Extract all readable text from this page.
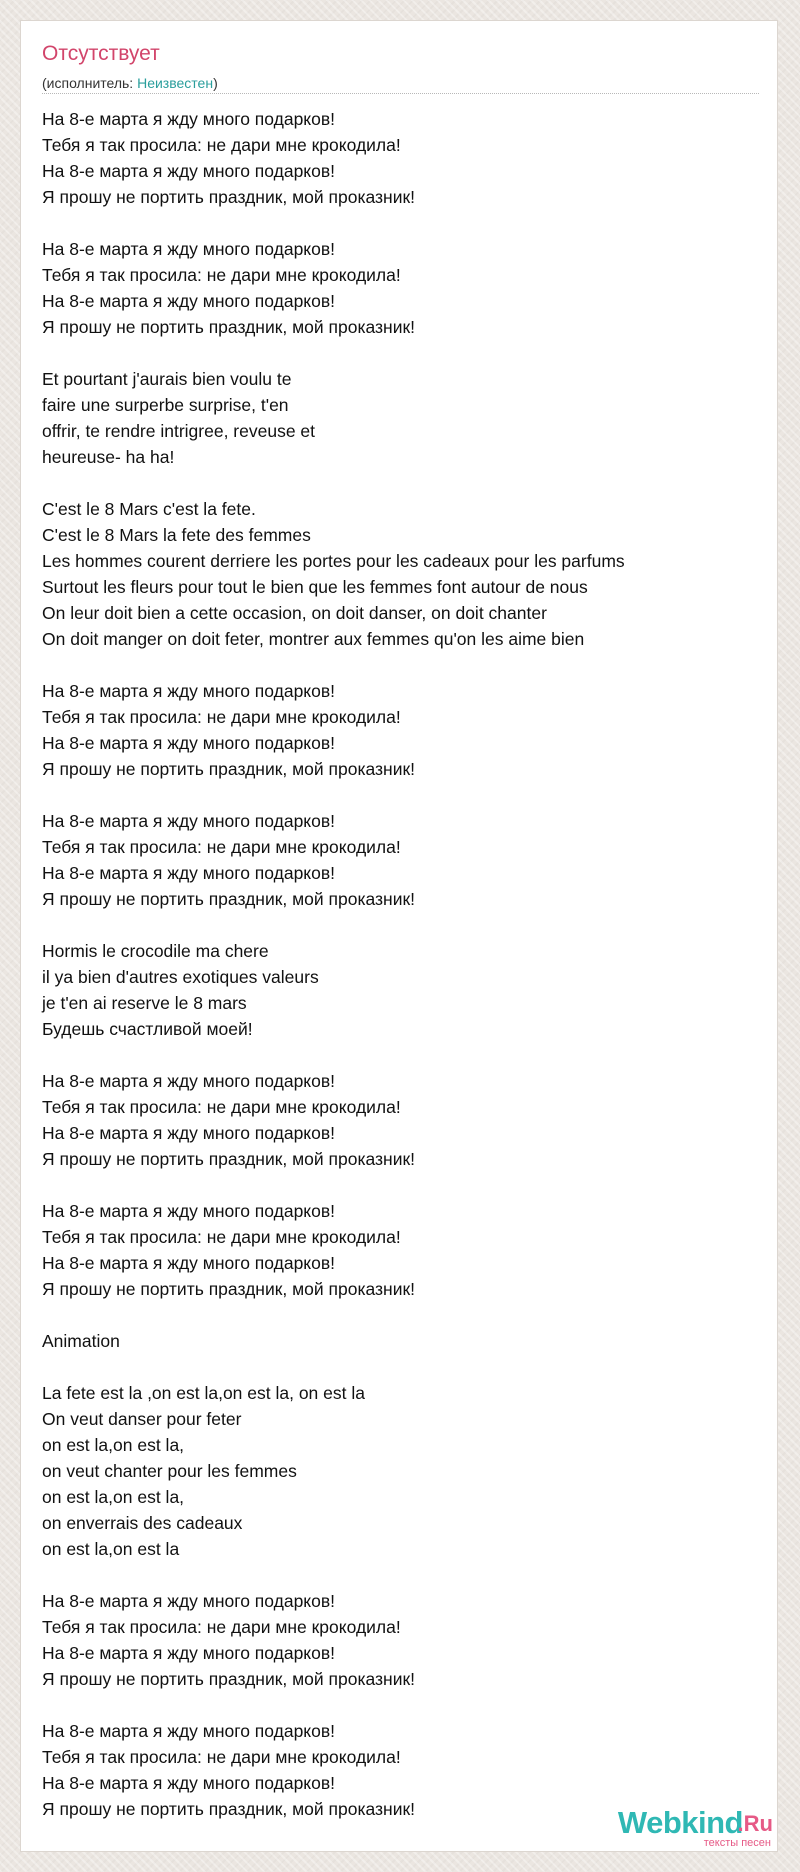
Отсутствует
(исполнитель: Неизвестен)
На 8-е марта я жду много подарков!
Тебя я так просила: не дари мне крокодила!
На 8-е марта я жду много подарков!
Я прошу не портить праздник, мой проказник!
На 8-е марта я жду много подарков!
Тебя я так просила: не дари мне крокодила!
На 8-е марта я жду много подарков!
Я прошу не портить праздник, мой проказник!
Et pourtant j'aurais bien voulu te
faire une surperbe surprise, t'en
offrir, te rendre intrigree, reveuse et
heureuse- ha ha!
C'est le 8 Mars c'est la fete.
C'est le 8 Mars la fete des femmes
Les hommes courent derriere les portes pour les cadeaux pour les parfums
Surtout les fleurs pour tout le bien que les femmes font autour de nous
On leur doit bien a cette occasion, on doit danser, on doit chanter
On doit manger on doit feter, montrer aux femmes qu'on les aime bien
На 8-е марта я жду много подарков!
Тебя я так просила: не дари мне крокодила!
На 8-е марта я жду много подарков!
Я прошу не портить праздник, мой проказник!
На 8-е марта я жду много подарков!
Тебя я так просила: не дари мне крокодила!
На 8-е марта я жду много подарков!
Я прошу не портить праздник, мой проказник!
Hormis le crocodile ma chere
il ya bien d'autres exotiques valeurs
je t'en ai reserve le 8 mars
Будешь счастливой моей!
На 8-е марта я жду много подарков!
Тебя я так просила: не дари мне крокодила!
На 8-е марта я жду много подарков!
Я прошу не портить праздник, мой проказник!
На 8-е марта я жду много подарков!
Тебя я так просила: не дари мне крокодила!
На 8-е марта я жду много подарков!
Я прошу не портить праздник, мой проказник!
Animation
La fete est la ,on est la,on est la, on est la
On veut danser pour feter
on est la,on est la,
on veut chanter pour les femmes
on est la,on est la,
on enverrais des cadeaux
on est la,on est la
На 8-е марта я жду много подарков!
Тебя я так просила: не дари мне крокодила!
На 8-е марта я жду много подарков!
Я прошу не портить праздник, мой проказник!
На 8-е марта я жду много подарков!
Тебя я так просила: не дари мне крокодила!
На 8-е марта я жду много подарков!
Я прошу не портить праздник, мой проказник!	Webkind
.Ru
тексты песен
